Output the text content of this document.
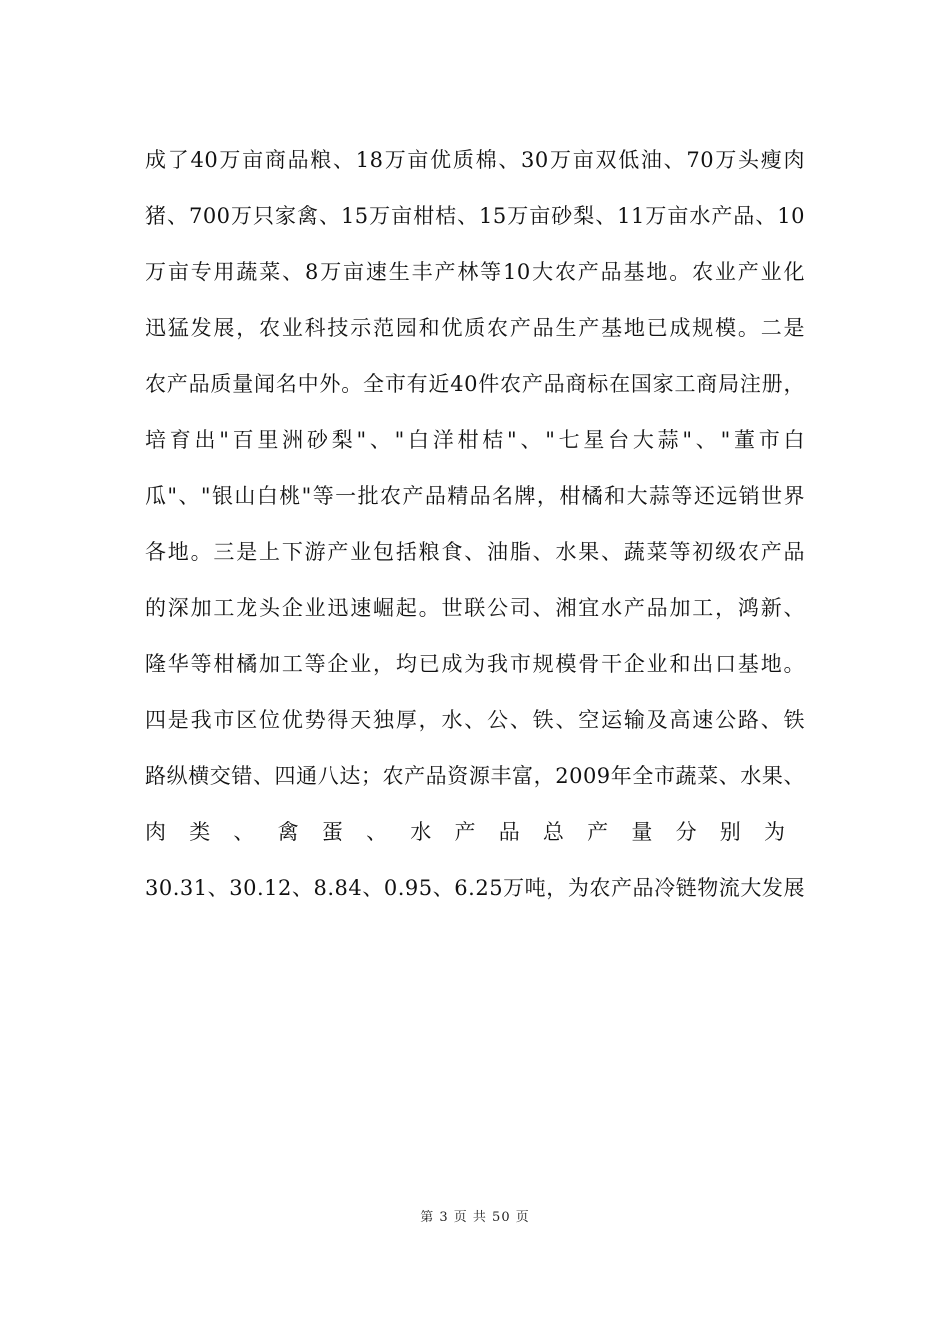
成了40万亩商品粮、18万亩优质棉、30万亩双低油、70万头瘦肉
猪、700万只家禽、15万亩柑桔、15万亩砂梨、11万亩水产品、10
万亩专用蔬菜、8万亩速生丰产林等10大农产品基地。农业产业化
迅猛发展，农业科技示范园和优质农产品生产基地已成规模。二是
农产品质量闻名中外。全市有近40件农产品商标在国家工商局注册，
培育出"百里洲砂梨"、"白洋柑桔"、"七星台大蒜"、"董市白
瓜"、"银山白桃"等一批农产品精品名牌，柑橘和大蒜等还远销世界
各地。三是上下游产业包括粮食、油脂、水果、蔬菜等初级农产品
的深加工龙头企业迅速崛起。世联公司、湘宜水产品加工，鸿新、
隆华等柑橘加工等企业，均已成为我市规模骨干企业和出口基地。
四是我市区位优势得天独厚，水、公、铁、空运输及高速公路、铁
路纵横交错、四通八达；农产品资源丰富，2009年全市蔬菜、水果、
肉类、禽蛋、水产品总产量分别为
30.31、30.12、8.84、0.95、6.25万吨，为农产品冷链物流大发展
第 3 页 共 50 页
